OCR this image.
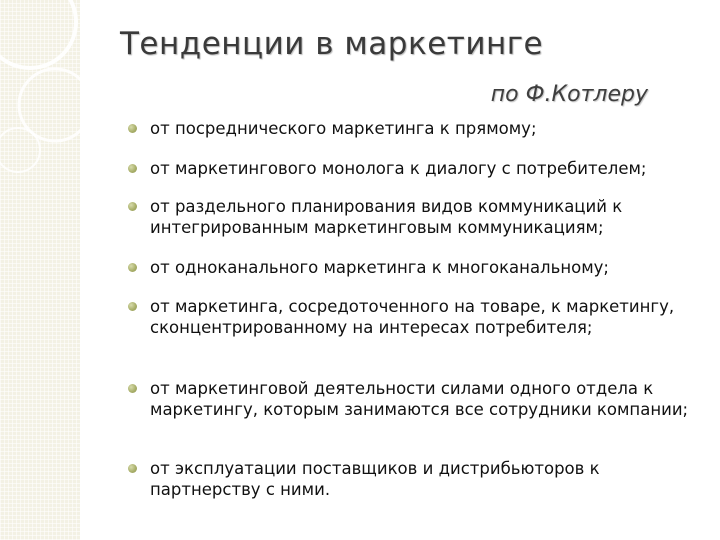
Тенденции в маркетинге
по Ф.Котлеру
от посреднического маркетинга к прямому;
от маркетингового монолога к диалогу с потребителем;
от раздельного планирования видов коммуникаций к интегрированным маркетинговым коммуникациям;
от одноканального маркетинга к многоканальному;
от маркетинга, сосредоточенного на товаре, к маркетингу, сконцентрированному на интересах потребителя;
от маркетинговой деятельности силами одного отдела к маркетингу, которым занимаются все сотрудники компании;
от эксплуатации поставщиков и дистрибьюторов к партнерству с ними.
